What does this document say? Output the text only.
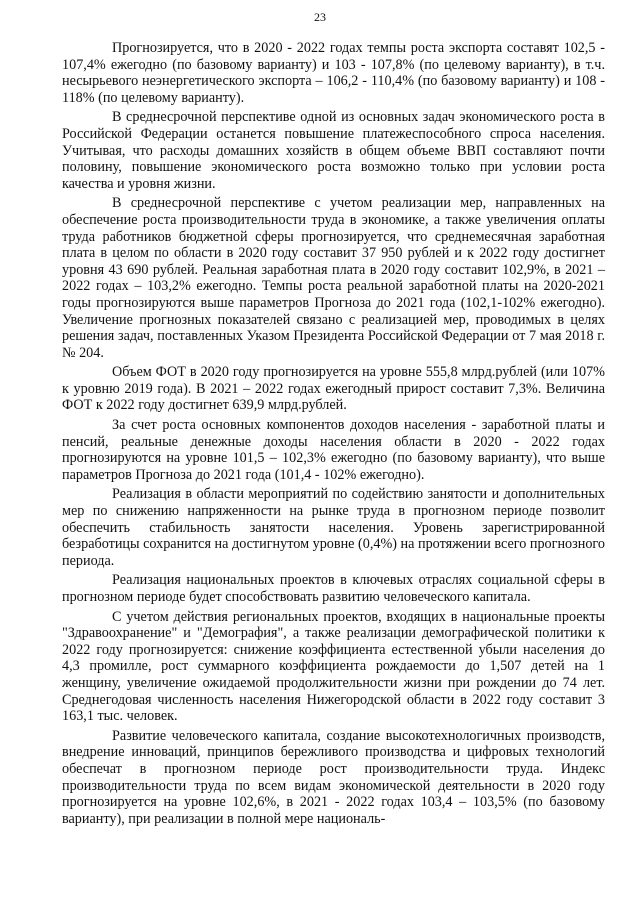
23

Прогнозируется, что в 2020 - 2022 годах темпы роста экспорта составят 102,5 - 107,4% ежегодно (по базовому варианту) и 103 - 107,8% (по целевому варианту), в т.ч. несырьевого неэнергетического экспорта – 106,2 - 110,4% (по базовому варианту) и 108 - 118% (по целевому варианту).

В среднесрочной перспективе одной из основных задач экономического роста в Российской Федерации останется повышение платежеспособного спроса населения. Учитывая, что расходы домашних хозяйств в общем объеме ВВП составляют почти половину, повышение экономического роста возможно только при условии роста качества и уровня жизни.

В среднесрочной перспективе с учетом реализации мер, направленных на обеспечение роста производительности труда в экономике, а также увеличения оплаты труда работников бюджетной сферы прогнозируется, что среднемесячная заработная плата в целом по области в 2020 году составит 37 950 рублей и к 2022 году достигнет уровня 43 690 рублей. Реальная заработная плата в 2020 году составит 102,9%, в 2021 – 2022 годах – 103,2% ежегодно. Темпы роста реальной заработной платы на 2020-2021 годы прогнозируются выше параметров Прогноза до 2021 года (102,1-102% ежегодно). Увеличение прогнозных показателей связано с реализацией мер, проводимых в целях решения задач, поставленных Указом Президента Российской Федерации от 7 мая 2018 г. № 204.

Объем ФОТ в 2020 году прогнозируется на уровне 555,8 млрд.рублей (или 107% к уровню 2019 года). В 2021 – 2022 годах ежегодный прирост составит 7,3%. Величина ФОТ к 2022 году достигнет 639,9 млрд.рублей.

За счет роста основных компонентов доходов населения - заработной платы и пенсий, реальные денежные доходы населения области в 2020 - 2022 годах прогнозируются на уровне 101,5 – 102,3% ежегодно (по базовому варианту), что выше параметров Прогноза до 2021 года (101,4 - 102% ежегодно).

Реализация в области мероприятий по содействию занятости и дополнительных мер по снижению напряженности на рынке труда в прогнозном периоде позволит обеспечить стабильность занятости населения. Уровень зарегистрированной безработицы сохранится на достигнутом уровне (0,4%) на протяжении всего прогнозного периода.

Реализация национальных проектов в ключевых отраслях социальной сферы в прогнозном периоде будет способствовать развитию человеческого капитала.

С учетом действия региональных проектов, входящих в национальные проекты "Здравоохранение" и "Демография", а также реализации демографической политики к 2022 году прогнозируется: снижение коэффициента естественной убыли населения до 4,3 промилле, рост суммарного коэффициента рождаемости до 1,507 детей на 1 женщину, увеличение ожидаемой продолжительности жизни при рождении до 74 лет. Среднегодовая численность населения Нижегородской области в 2022 году составит 3 163,1 тыс. человек.

Развитие человеческого капитала, создание высокотехнологичных производств, внедрение инноваций, принципов бережливого производства и цифровых технологий обеспечат в прогнозном периоде рост производительности труда. Индекс производительности труда по всем видам экономической деятельности в 2020 году прогнозируется на уровне 102,6%, в 2021 - 2022 годах 103,4 – 103,5% (по базовому варианту), при реализации в полной мере националь-
